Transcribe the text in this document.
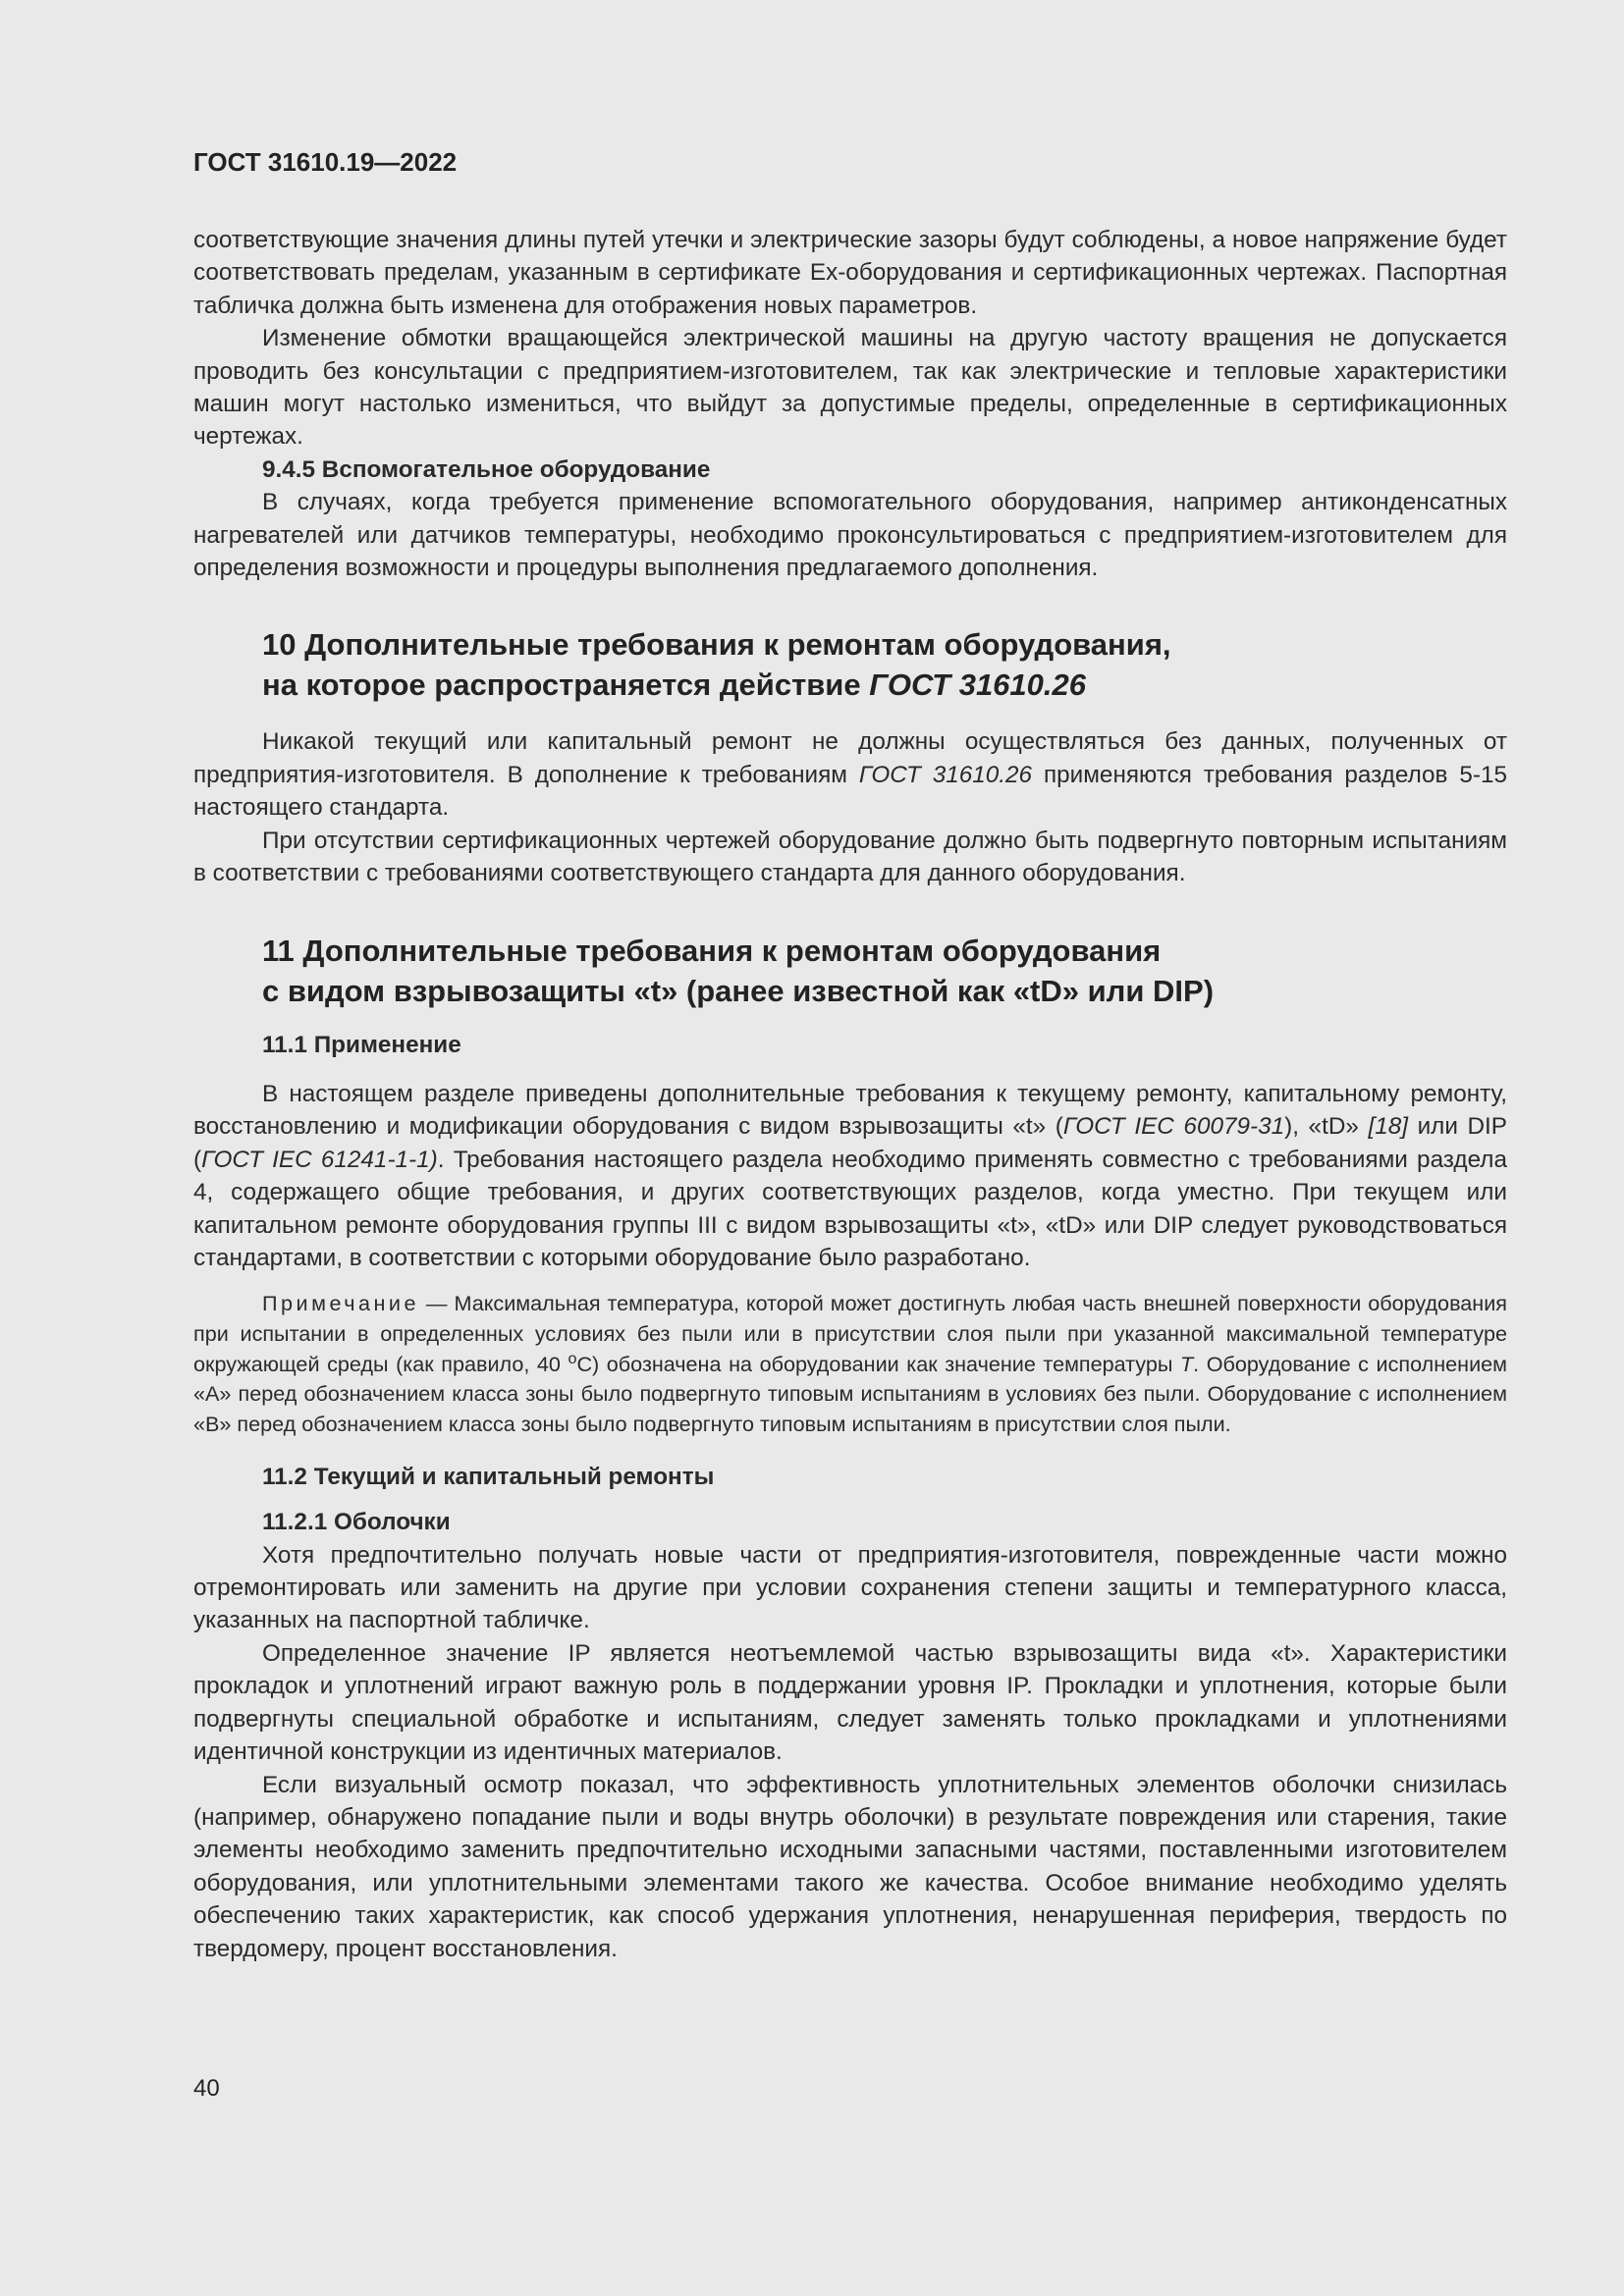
ГОСТ 31610.19—2022

соответствующие значения длины путей утечки и электрические зазоры будут соблюдены, а новое напряжение будет соответствовать пределам, указанным в сертификате Ex-оборудования и сертификационных чертежах. Паспортная табличка должна быть изменена для отображения новых параметров.

Изменение обмотки вращающейся электрической машины на другую частоту вращения не допускается проводить без консультации с предприятием-изготовителем, так как электрические и тепловые характеристики машин могут настолько измениться, что выйдут за допустимые пределы, определенные в сертификационных чертежах.

9.4.5 Вспомогательное оборудование

В случаях, когда требуется применение вспомогательного оборудования, например антиконденсатных нагревателей или датчиков температуры, необходимо проконсультироваться с предприятием-изготовителем для определения возможности и процедуры выполнения предлагаемого дополнения.

10 Дополнительные требования к ремонтам оборудования,
на которое распространяется действие ГОСТ 31610.26

Никакой текущий или капитальный ремонт не должны осуществляться без данных, полученных от предприятия-изготовителя. В дополнение к требованиям ГОСТ 31610.26 применяются требования разделов 5-15 настоящего стандарта.

При отсутствии сертификационных чертежей оборудование должно быть подвергнуто повторным испытаниям в соответствии с требованиями соответствующего стандарта для данного оборудования.

11 Дополнительные требования к ремонтам оборудования
с видом взрывозащиты «t» (ранее известной как «tD» или DIP)

11.1 Применение

В настоящем разделе приведены дополнительные требования к текущему ремонту, капитальному ремонту, восстановлению и модификации оборудования с видом взрывозащиты «t» (ГОСТ IEC 60079-31), «tD» [18] или DIP (ГОСТ IEC 61241-1-1). Требования настоящего раздела необходимо применять совместно с требованиями раздела 4, содержащего общие требования, и других соответствующих разделов, когда уместно. При текущем или капитальном ремонте оборудования группы III с видом взрывозащиты «t», «tD» или DIP следует руководствоваться стандартами, в соответствии с которыми оборудование было разработано.

Примечание — Максимальная температура, которой может достигнуть любая часть внешней поверхности оборудования при испытании в определенных условиях без пыли или в присутствии слоя пыли при указанной максимальной температуре окружающей среды (как правило, 40 $^о$С) обозначена на оборудовании как значение температуры Т. Оборудование с исполнением «А» перед обозначением класса зоны было подвергнуто типовым испытаниям в условиях без пыли. Оборудование с исполнением «В» перед обозначением класса зоны было подвергнуто типовым испытаниям в присутствии слоя пыли.

11.2 Текущий и капитальный ремонты

11.2.1 Оболочки

Хотя предпочтительно получать новые части от предприятия-изготовителя, поврежденные части можно отремонтировать или заменить на другие при условии сохранения степени защиты и температурного класса, указанных на паспортной табличке.

Определенное значение IP является неотъемлемой частью взрывозащиты вида «t». Характеристики прокладок и уплотнений играют важную роль в поддержании уровня IP. Прокладки и уплотнения, которые были подвергнуты специальной обработке и испытаниям, следует заменять только прокладками и уплотнениями идентичной конструкции из идентичных материалов.

Если визуальный осмотр показал, что эффективность уплотнительных элементов оболочки снизилась (например, обнаружено попадание пыли и воды внутрь оболочки) в результате повреждения или старения, такие элементы необходимо заменить предпочтительно исходными запасными частями, поставленными изготовителем оборудования, или уплотнительными элементами такого же качества. Особое внимание необходимо уделять обеспечению таких характеристик, как способ удержания уплотнения, ненарушенная периферия, твердость по твердомеру, процент восстановления.

40
